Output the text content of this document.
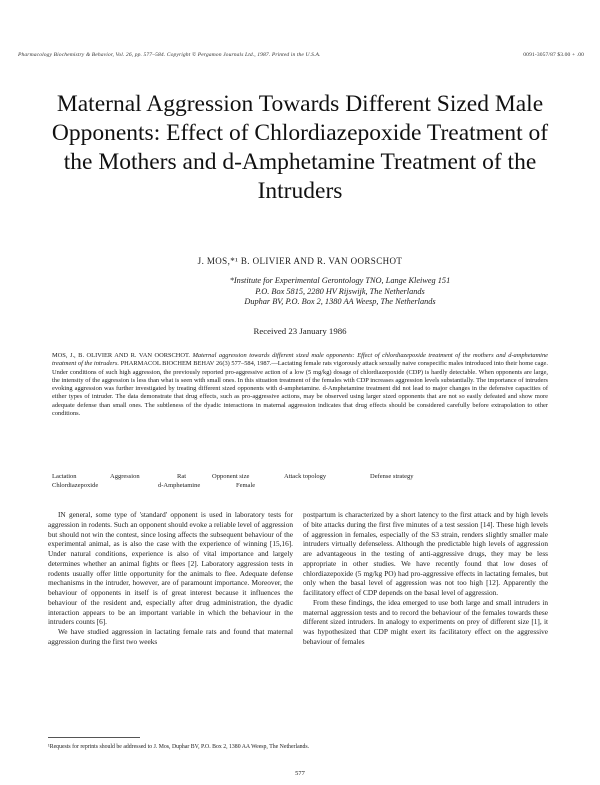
Pharmacology Biochemistry & Behavior, Vol. 26, pp. 577–584. Copyright © Pergamon Journals Ltd., 1987. Printed in the U.S.A.	0091-3057/87 $3.00 + .00
Maternal Aggression Towards Different Sized Male Opponents: Effect of Chlordiazepoxide Treatment of the Mothers and d-Amphetamine Treatment of the Intruders
J. MOS,*¹ B. OLIVIER AND R. VAN OORSCHOT
*Institute for Experimental Gerontology TNO, Lange Kleiweg 151
P.O. Box 5815, 2280 HV Rijswijk, The Netherlands
Duphar BV, P.O. Box 2, 1380 AA Weesp, The Netherlands
Received 23 January 1986
MOS, J., B. OLIVIER AND R. VAN OORSCHOT. Maternal aggression towards different sized male opponents: Effect of chlordiazepoxide treatment of the mothers and d-amphetamine treatment of the intruders. PHARMACOL BIOCHEM BEHAV 26(3) 577–584, 1987.—Lactating female rats vigorously attack sexually naive conspecific males introduced into their home cage. Under conditions of such high aggression, the previously reported pro-aggressive action of a low (5 mg/kg) dosage of chlordiazepoxide (CDP) is hardly detectable. When opponents are large, the intensity of the aggression is less than what is seen with small ones. In this situation treatment of the females with CDP increases aggression levels substantially. The importance of intruders evoking aggression was further investigated by treating different sized opponents with d-amphetamine. d-Amphetamine treatment did not lead to major changes in the defensive capacities of either types of intruder. The data demonstrate that drug effects, such as pro-aggressive actions, may be observed using larger sized opponents that are not so easily defeated and show more adequate defense than small ones. The subtleness of the dyadic interactions in maternal aggression indicates that drug effects should be considered carefully before extrapolation to other conditions.
Lactation	Aggression	Rat	Opponent size	Attack topology	Defense strategy
Chlordiazepoxide	d-Amphetamine	Female

IN general, some type of 'standard' opponent is used in laboratory tests for aggression in rodents. Such an opponent should evoke a reliable level of aggression but should not win the contest, since losing affects the subsequent behaviour of the experimental animal, as is also the case with the experience of winning [15,16]. Under natural conditions, experience is also of vital importance and largely determines whether an animal fights or flees [2]. Laboratory aggression tests in rodents usually offer little opportunity for the animals to flee. Adequate defense mechanisms in the intruder, however, are of paramount importance. Moreover, the behaviour of opponents in itself is of great interest because it influences the behaviour of the resident and, especially after drug administration, the dyadic interaction appears to be an important variable in which the behaviour in the intruders counts [6].

We have studied aggression in lactating female rats and found that maternal aggression during the first two weeks

postpartum is characterized by a short latency to the first attack and by high levels of bite attacks during the first five minutes of a test session [14]. These high levels of aggression in females, especially of the S3 strain, renders slightly smaller male intruders virtually defenseless. Although the predictable high levels of aggression are advantageous in the testing of anti-aggressive drugs, they may be less appropriate in other studies. We have recently found that low doses of chlordiazepoxide (5 mg/kg PO) had pro-aggressive effects in lactating females, but only when the basal level of aggression was not too high [12]. Apparently the facilitatory effect of CDP depends on the basal level of aggression.

From these findings, the idea emerged to use both large and small intruders in maternal aggression tests and to record the behaviour of the females towards these different sized intruders. In analogy to experiments on prey of different size [1], it was hypothesized that CDP might exert its facilitatory effect on the aggressive behaviour of females

¹Requests for reprints should be addressed to J. Mos, Duphar BV, P.O. Box 2, 1380 AA Weesp, The Netherlands.
577
